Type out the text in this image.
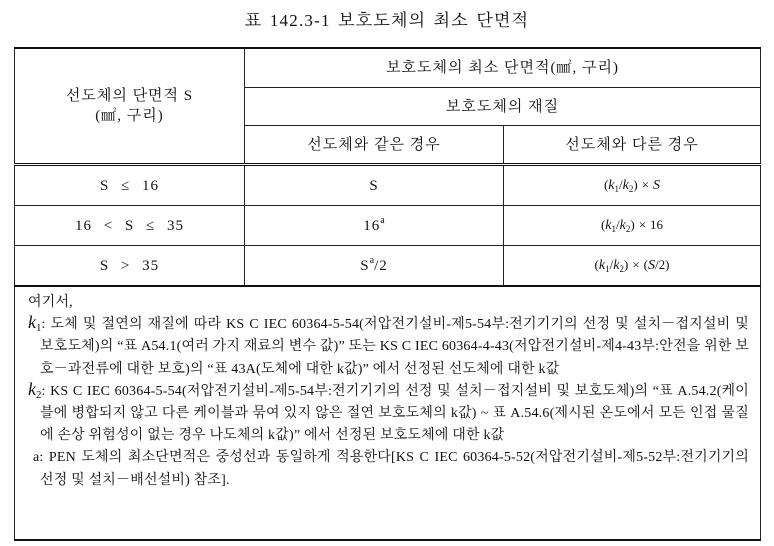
표 142.3-1 보호도체의 최소 단면적
선도체의 단면적 S
(㎟, 구리)	보호도체의 최소 단면적(㎟, 구리)	
	보호도체의 재질	
	선도체와 같은 경우	선도체와 다른 경우
S ≤ 16	S	$(k_1/k_2) \times S$
16 < S ≤ 35	16$^a$	$(k_1/k_2) \times 16$
S > 35	$S^a/2$	$(k_1/k_2) \times (S/2)$

여기서,
$k_1$: 도체 및 절연의 재질에 따라 KS C IEC 60364-5-54(저압전기설비-제5-54부:전기기기의 선정 및 설치－접지설비 및 보호도체)의 “표 A54.1(여러 가지 재료의 변수 값)” 또는 KS C IEC 60364-4-43(저압전기설비-제4-43부:안전을 위한 보호－과전류에 대한 보호)의 “표 43A(도체에 대한 k값)” 에서 선정된 선도체에 대한 k값
$k_2$: KS C IEC 60364-5-54(저압전기설비-제5-54부:전기기기의 선정 및 설치－접지설비 및 보호도체)의 “표 A.54.2(케이블에 병합되지 않고 다른 케이블과 묶여 있지 않은 절연 보호도체의 k값) ~ 표 A.54.6(제시된 온도에서 모든 인접 물질에 손상 위험성이 없는 경우 나도체의 k값)” 에서 선정된 보호도체에 대한 k값
a: PEN 도체의 최소단면적은 중성선과 동일하게 적용한다[KS C IEC 60364-5-52(저압전기설비-제5-52부:전기기기의 선정 및 설치－배선설비) 참조].		
